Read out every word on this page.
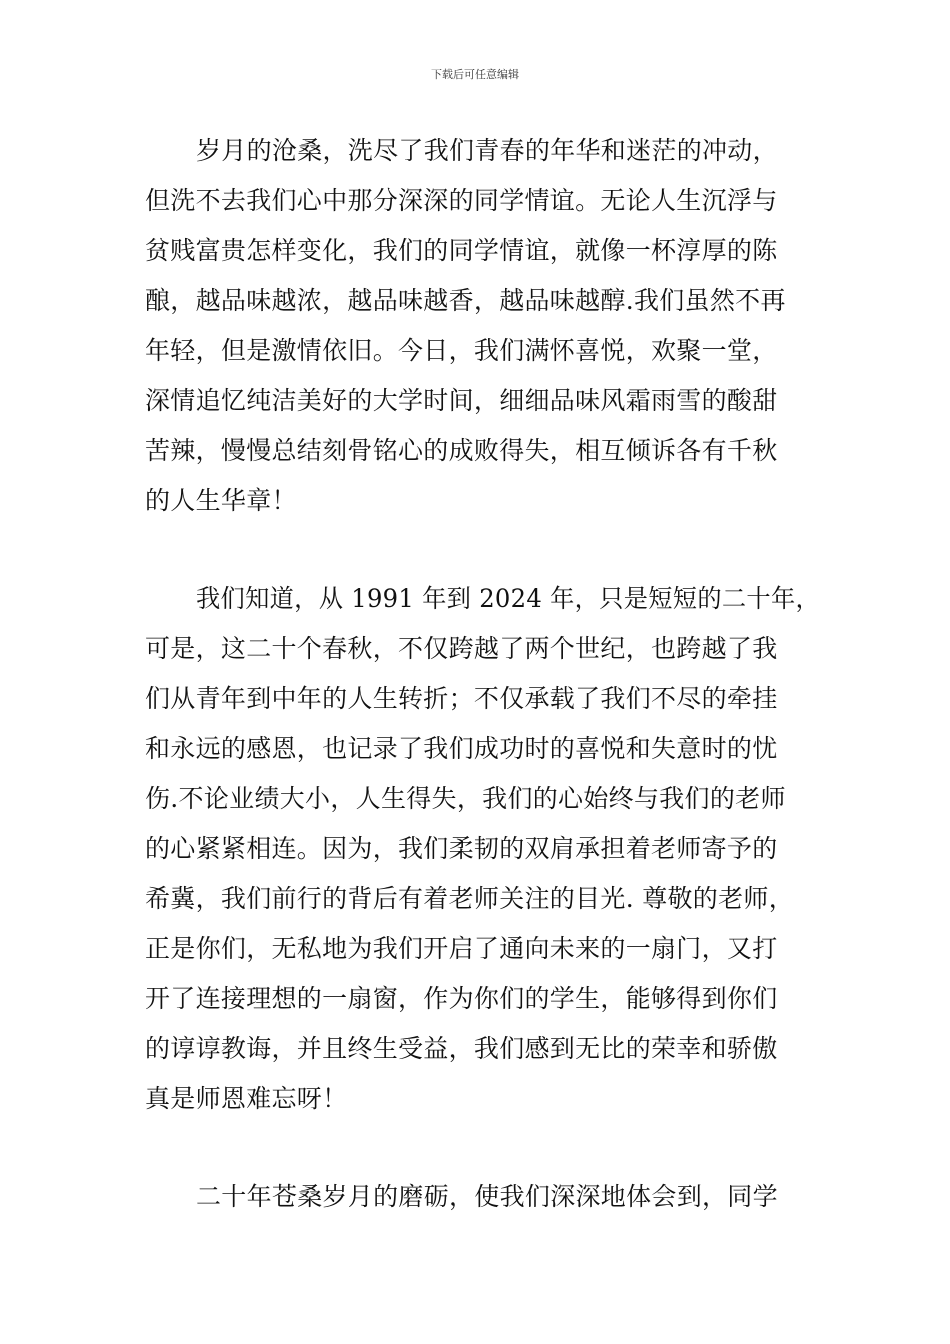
下载后可任意编辑
岁月的沧桑，洗尽了我们青春的年华和迷茫的冲动，
但洗不去我们心中那分深深的同学情谊。无论人生沉浮与
贫贱富贵怎样变化，我们的同学情谊，就像一杯淳厚的陈
酿，越品味越浓，越品味越香，越品味越醇.我们虽然不再
年轻，但是激情依旧。今日，我们满怀喜悦，欢聚一堂，
深情追忆纯洁美好的大学时间，细细品味风霜雨雪的酸甜
苦辣，慢慢总结刻骨铭心的成败得失，相互倾诉各有千秋
的人生华章！
我们知道，从 1991 年到 2024 年，只是短短的二十年，
可是，这二十个春秋，不仅跨越了两个世纪，也跨越了我
们从青年到中年的人生转折；不仅承载了我们不尽的牵挂
和永远的感恩，也记录了我们成功时的喜悦和失意时的忧
伤.不论业绩大小，人生得失，我们的心始终与我们的老师
的心紧紧相连。因为，我们柔韧的双肩承担着老师寄予的
希冀，我们前行的背后有着老师关注的目光. 尊敬的老师，
正是你们，无私地为我们开启了通向未来的一扇门，又打
开了连接理想的一扇窗，作为你们的学生，能够得到你们
的谆谆教诲，并且终生受益，我们感到无比的荣幸和骄傲
真是师恩难忘呀！
二十年苍桑岁月的磨砺，使我们深深地体会到，同学
